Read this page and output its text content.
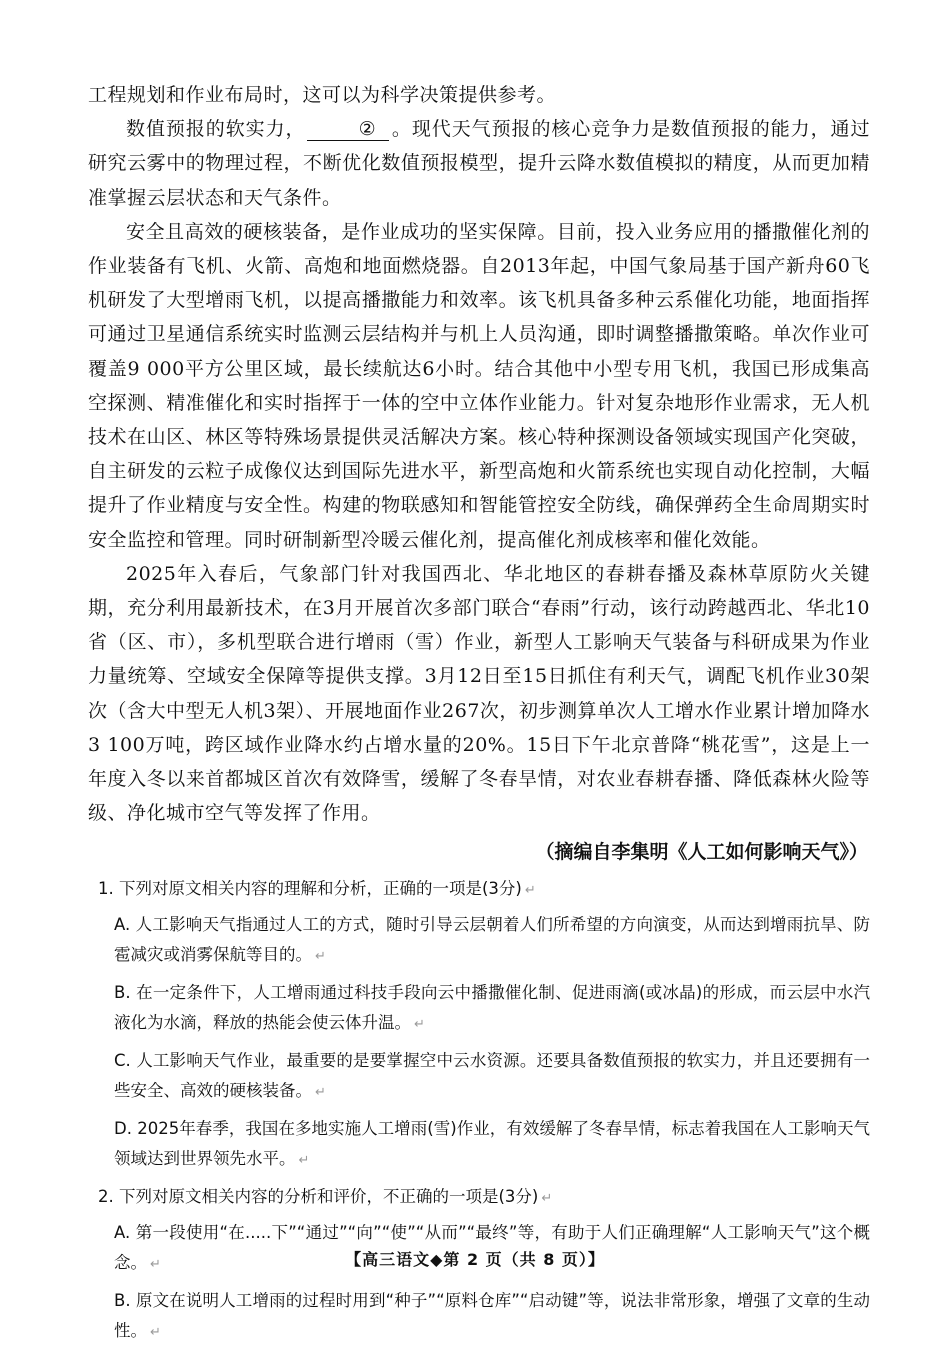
工程规划和作业布局时，这可以为科学决策提供参考。

数值预报的软实力，	② 。现代天气预报的核心竞争力是数值预报的能力，通过研究云雾中的物理过程，不断优化数值预报模型，提升云降水数值模拟的精度，从而更加精准掌握云层状态和天气条件。

安全且高效的硬核装备，是作业成功的坚实保障。目前，投入业务应用的播撒催化剂的作业装备有飞机、火箭、高炮和地面燃烧器。自2013年起，中国气象局基于国产新舟60飞机研发了大型增雨飞机，以提高播撒能力和效率。该飞机具备多种云系催化功能，地面指挥可通过卫星通信系统实时监测云层结构并与机上人员沟通，即时调整播撒策略。单次作业可覆盖9 000平方公里区域，最长续航达6小时。结合其他中小型专用飞机，我国已形成集高空探测、精准催化和实时指挥于一体的空中立体作业能力。针对复杂地形作业需求，无人机技术在山区、林区等特殊场景提供灵活解决方案。核心特种探测设备领域实现国产化突破，自主研发的云粒子成像仪达到国际先进水平，新型高炮和火箭系统也实现自动化控制，大幅提升了作业精度与安全性。构建的物联感知和智能管控安全防线，确保弹药全生命周期实时安全监控和管理。同时研制新型冷暖云催化剂，提高催化剂成核率和催化效能。

2025年入春后，气象部门针对我国西北、华北地区的春耕春播及森林草原防火关键期，充分利用最新技术，在3月开展首次多部门联合“春雨”行动，该行动跨越西北、华北10省（区、市），多机型联合进行增雨（雪）作业，新型人工影响天气装备与科研成果为作业力量统筹、空域安全保障等提供支撑。3月12日至15日抓住有利天气，调配飞机作业30架次（含大中型无人机3架）、开展地面作业267次，初步测算单次人工增水作业累计增加降水3 100万吨，跨区域作业降水约占增水量的20%。15日下午北京普降“桃花雪”，这是上一年度入冬以来首都城区首次有效降雪，缓解了冬春旱情，对农业春耕春播、降低森林火险等级、净化城市空气等发挥了作用。

（摘编自李集明《人工如何影响天气》）
1. 下列对原文相关内容的理解和分析，正确的一项是(3分) ↵
A. 人工影响天气指通过人工的方式，随时引导云层朝着人们所希望的方向演变，从而达到增雨抗旱、防雹减灾或消雾保航等目的。 ↵
B. 在一定条件下，人工增雨通过科技手段向云中播撒催化制、促进雨滴(或冰晶)的形成，而云层中水汽液化为水滴，释放的热能会使云体升温。 ↵
C. 人工影响天气作业，最重要的是要掌握空中云水资源。还要具备数值预报的软实力，并且还要拥有一些安全、高效的硬核装备。 ↵
D. 2025年春季，我国在多地实施人工增雨(雪)作业，有效缓解了冬春旱情，标志着我国在人工影响天气领域达到世界领先水平。 ↵
2. 下列对原文相关内容的分析和评价，不正确的一项是(3分) ↵
A. 第一段使用“在.....下”“通过”“向”“使”“从而”“最终”等，有助于人们正确理解“人工影响天气”这个概念。 ↵
B. 原文在说明人工增雨的过程时用到“种子”“原料仓库”“启动键”等，说法非常形象，增强了文章的生动性。 ↵
【高三语文◆第 2 页（共 8 页）】
